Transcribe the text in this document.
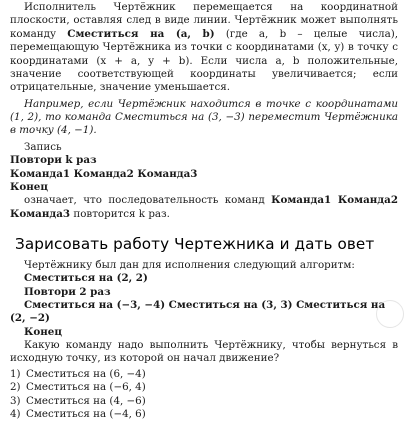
Исполнитель Чертёжник перемещается на координатной плоскости, оставляя след в виде линии. Чертёжник может выполнять команду Сместиться на (a, b) (где a, b – целые числа), перемещающую Чертёжника из точки с координатами (x, y) в точку с координатами (x + a, y + b). Если числа a, b положительные, значение соответствующей координаты увеличивается; если отрицательные, значение уменьшается.

Например, если Чертёжник находится в точке с координатами (1, 2), то команда Сместиться на (3, −3) переместит Чертёжника в точку (4, −1).

Запись

Повтори k раз

Команда1 Команда2 Команда3

Конец

означает, что последовательность команд Команда1 Команда2 Команда3 повторится k раз.

Зарисовать работу Чертежника и дать овет

Чертёжнику был дан для исполнения следующий алгоритм:

Сместиться на (2, 2)

Повтори 2 раз

Сместиться на (−3, −4) Сместиться на (3, 3) Сместиться на (2, −2)

Конец

Какую команду надо выполнить Чертёжнику, чтобы вернуться в исходную точку, из которой он начал движение?

1) Сместиться на (6, −4)
2) Сместиться на (−6, 4)
3) Сместиться на (4, −6)
4) Сместиться на (−4, 6)
